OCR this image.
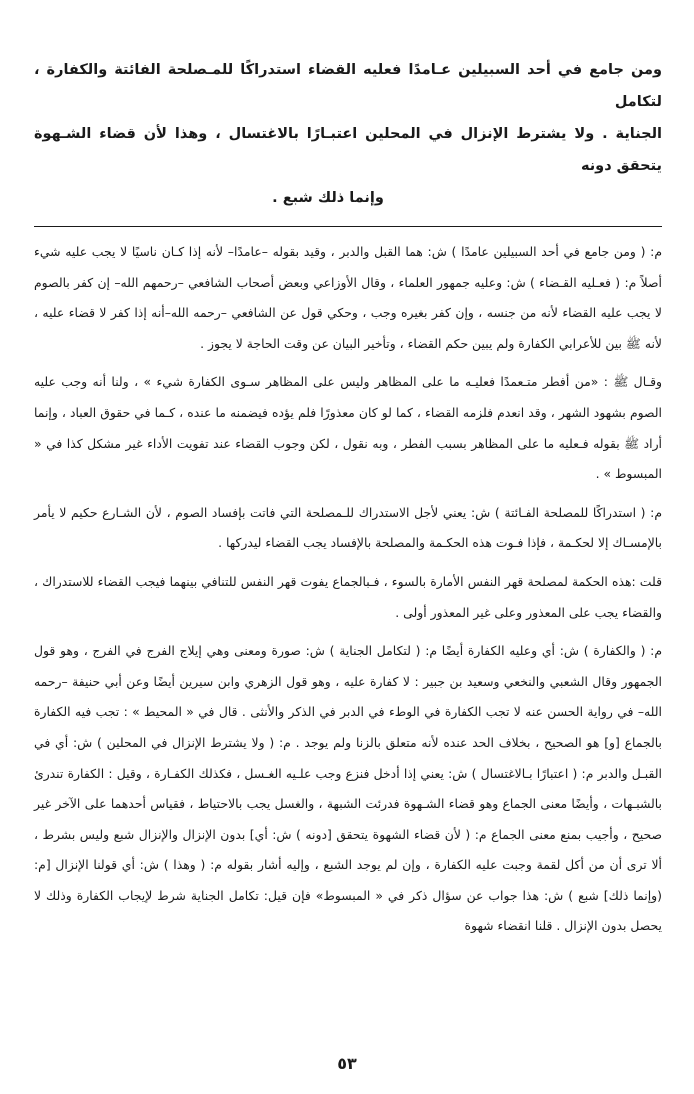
ومن جامع في أحد السبيلين عـامدًا فعليه القضاء استدراكًا للمـصلحة الفائتة والكفارة ، لتكامل

الجناية . ولا يشترط الإنزال في المحلين اعتبـارًا بالاغتسال ، وهذا لأن قضاء الشـهوة يتحقق دونه

وإنما ذلك شبع .

م: ( ومن جامع في أحد السبيلين عامدًا ) ش: هما القبل والدبر ، وقيد بقوله –عامدًا– لأنه إذا كـان ناسيًا لا يجب عليه شيء أصلاً م: ( فعـليه القـضاء ) ش: وعليه جمهور العلماء ، وقال الأوزاعي وبعض أصحاب الشافعي –رحمهم الله– إن كفر بالصوم لا يجب عليه القضاء لأنه من جنسه ، وإن كفر بغيره وجب ، وحكي قول عن الشافعي –رحمه الله–أنه إذا كفر لا قضاء عليه ، لأنه ﷺ بين للأعرابي الكفارة ولم يبين حكم القضاء ، وتأخير البيان عن وقت الحاجة لا يجوز .

وقـال ﷺ : «من أفطر متـعمدًا فعليـه ما على المظاهر وليس على المظاهر سـوى الكفارة شيء » ، ولنا أنه وجب عليه الصوم بشهود الشهر ، وقد انعدم فلزمه القضاء ، كما لو كان معذورًا فلم يؤده فيضمنه ما عنده ، كـما في حقوق العباد ، وإنما أراد ﷺ بقوله فـعليه ما على المظاهر بسبب الفطر ، وبه نقول ، لكن وجوب القضاء عند تفويت الأداء غير مشكل كذا في « المبسوط » .

م: ( استدراكًا للمصلحة الفـائتة ) ش: يعني لأجل الاستدراك للـمصلحة التي فاتت بإفساد الصوم ، لأن الشـارع حكيم لا يأمر بالإمسـاك إلا لحكـمة ، فإذا فـوت هذه الحكـمة والمصلحة بالإفساد يجب القضاء ليدركها .

قلت :هذه الحكمة لمصلحة قهر النفس الأمارة بالسوء ، فـبالجماع يفوت قهر النفس للتنافي بينهما فيجب القضاء للاستدراك ، والقضاء يجب على المعذور وعلى غير المعذور أولى .

م: ( والكفارة ) ش: أي وعليه الكفارة أيضًا م: ( لتكامل الجناية ) ش: صورة ومعنى وهي إيلاج الفرج في الفرج ، وهو قول الجمهور وقال الشعبي والنخعي وسعيد بن جبير : لا كفارة عليه ، وهو قول الزهري وابن سيرين أيضًا وعن أبي حنيفة –رحمه الله– في رواية الحسن عنه لا تجب الكفارة في الوطء في الدبر في الذكر والأنثى . قال في « المحيط » : تجب فيه الكفارة بالجماع [و] هو الصحيح ، بخلاف الحد عنده لأنه متعلق بالزنا ولم يوجد . م: ( ولا يشترط الإنزال في المحلين ) ش: أي في القبـل والدبر م: ( اعتبارًا بـالاغتسال ) ش: يعني إذا أدخل فنزع وجب علـيه الغـسل ، فكذلك الكفـارة ، وقيل : الكفارة تندرئ بالشبـهات ، وأيضًا معنى الجماع وهو قضاء الشـهوة فدرئت الشبهة ، والغسل يجب بالاحتياط ، فقياس أحدهما على الآخر غير صحيح ، وأجيب بمنع معنى الجماع م: ( لأن قضاء الشهوة يتحقق [دونه ) ش: أي] بدون الإنزال والإنزال شبع وليس بشرط ، ألا ترى أن من أكل لقمة وجبت عليه الكفارة ، وإن لم يوجد الشبع ، وإليه أشار بقوله م: ( وهذا ) ش: أي قولنا الإنزال [م: (وإنما ذلك] شبع ) ش: هذا جواب عن سؤال ذكر في « المبسوط» فإن قيل: تكامل الجناية شرط لإيجاب الكفارة وذلك لا يحصل بدون الإنزال . قلنا انقضاء شهوة

٥٣
